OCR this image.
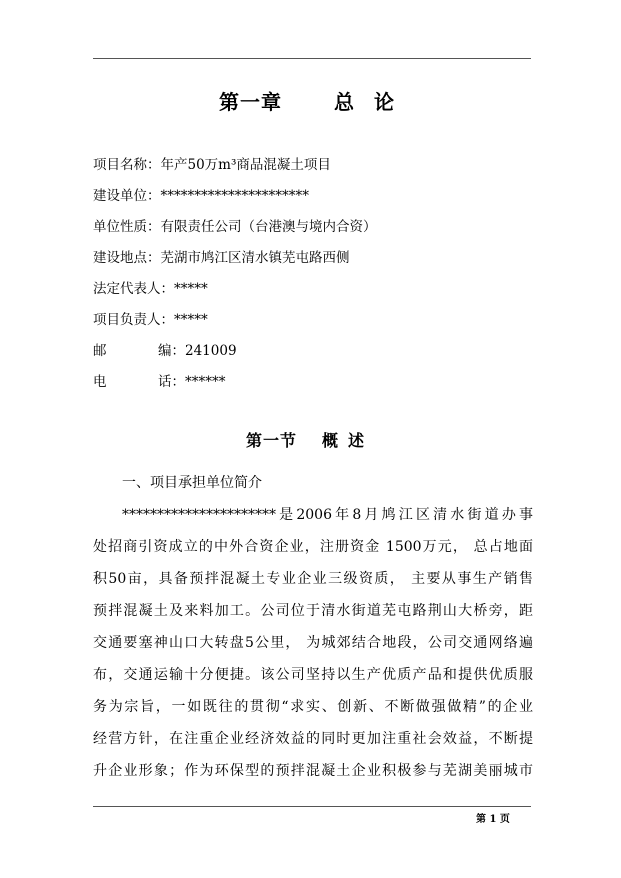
第一章

	总论

项目名称：年产50万m³商品混凝土项目
建设单位：**********************
单位性质：有限责任公司（台港澳与境内合资）
建设地点：芜湖市鸠江区清水镇芜屯路西侧
法定代表人：*****
项目负责人：*****
邮	编：241009
电	话：******
第一节 概述
一、项目承担单位简介
**********************是2006年8月鸠江区清水街道办事
处招商引资成立的中外合资企业，注册资金 1500万元， 总占地面
积50亩，具备预拌混凝土专业企业三级资质， 主要从事生产销售
预拌混凝土及来料加工。公司位于清水街道芜屯路荆山大桥旁，距
交通要塞神山口大转盘5公里， 为城郊结合地段，公司交通网络遍
布，交通运输十分便捷。该公司坚持以生产优质产品和提供优质服
务为宗旨，一如既往的贯彻“求实、创新、不断做强做精”的企业
经营方针，在注重企业经济效益的同时更加注重社会效益，不断提
升企业形象；作为环保型的预拌混凝土企业积极参与芜湖美丽城市
第 1 页
